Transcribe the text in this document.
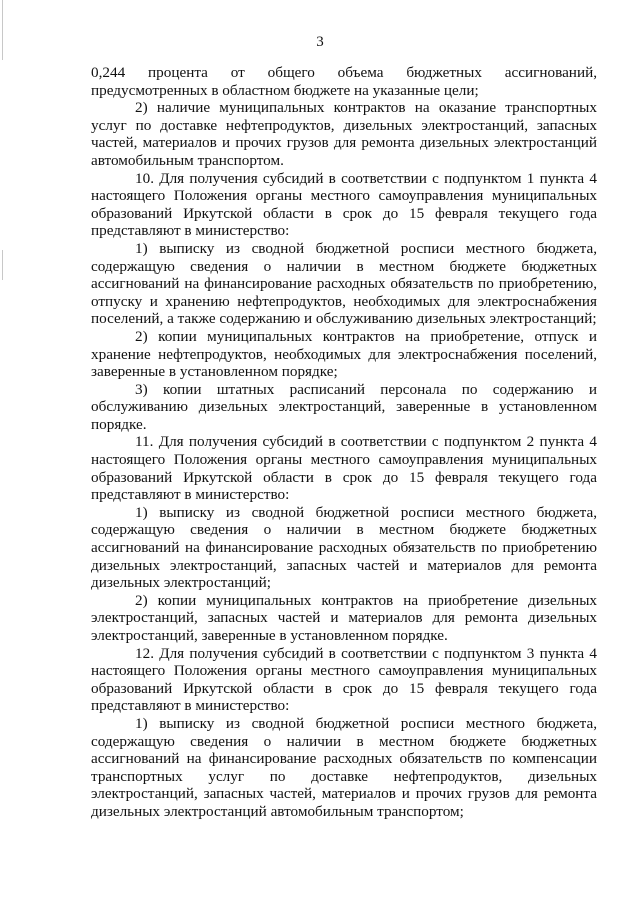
3

0,244 процента от общего объема бюджетных ассигнований, предусмотренных в областном бюджете на указанные цели;

2) наличие муниципальных контрактов на оказание транспортных услуг по доставке нефтепродуктов, дизельных электростанций, запасных частей, материалов и прочих грузов для ремонта дизельных электростанций автомобильным транспортом.

10. Для получения субсидий в соответствии с подпунктом 1 пункта 4 настоящего Положения органы местного самоуправления муниципальных образований Иркутской области в срок до 15 февраля текущего года представляют в министерство:

1) выписку из сводной бюджетной росписи местного бюджета, содержащую сведения о наличии в местном бюджете бюджетных ассигнований на финансирование расходных обязательств по приобретению, отпуску и хранению нефтепродуктов, необходимых для электроснабжения поселений, а также содержанию и обслуживанию дизельных электростанций;

2) копии муниципальных контрактов на приобретение, отпуск и хранение нефтепродуктов, необходимых для электроснабжения поселений, заверенные в установленном порядке;

3) копии штатных расписаний персонала по содержанию и обслуживанию дизельных электростанций, заверенные в установленном порядке.

11. Для получения субсидий в соответствии с подпунктом 2 пункта 4 настоящего Положения органы местного самоуправления муниципальных образований Иркутской области в срок до 15 февраля текущего года представляют в министерство:

1) выписку из сводной бюджетной росписи местного бюджета, содержащую сведения о наличии в местном бюджете бюджетных ассигнований на финансирование расходных обязательств по приобретению дизельных электростанций, запасных частей и материалов для ремонта дизельных электростанций;

2) копии муниципальных контрактов на приобретение дизельных электростанций, запасных частей и материалов для ремонта дизельных электростанций, заверенные в установленном порядке.

12. Для получения субсидий в соответствии с подпунктом 3 пункта 4 настоящего Положения органы местного самоуправления муниципальных образований Иркутской области в срок до 15 февраля текущего года представляют в министерство:

1) выписку из сводной бюджетной росписи местного бюджета, содержащую сведения о наличии в местном бюджете бюджетных ассигнований на финансирование расходных обязательств по компенсации транспортных услуг по доставке нефтепродуктов, дизельных электростанций, запасных частей, материалов и прочих грузов для ремонта дизельных электростанций автомобильным транспортом;
